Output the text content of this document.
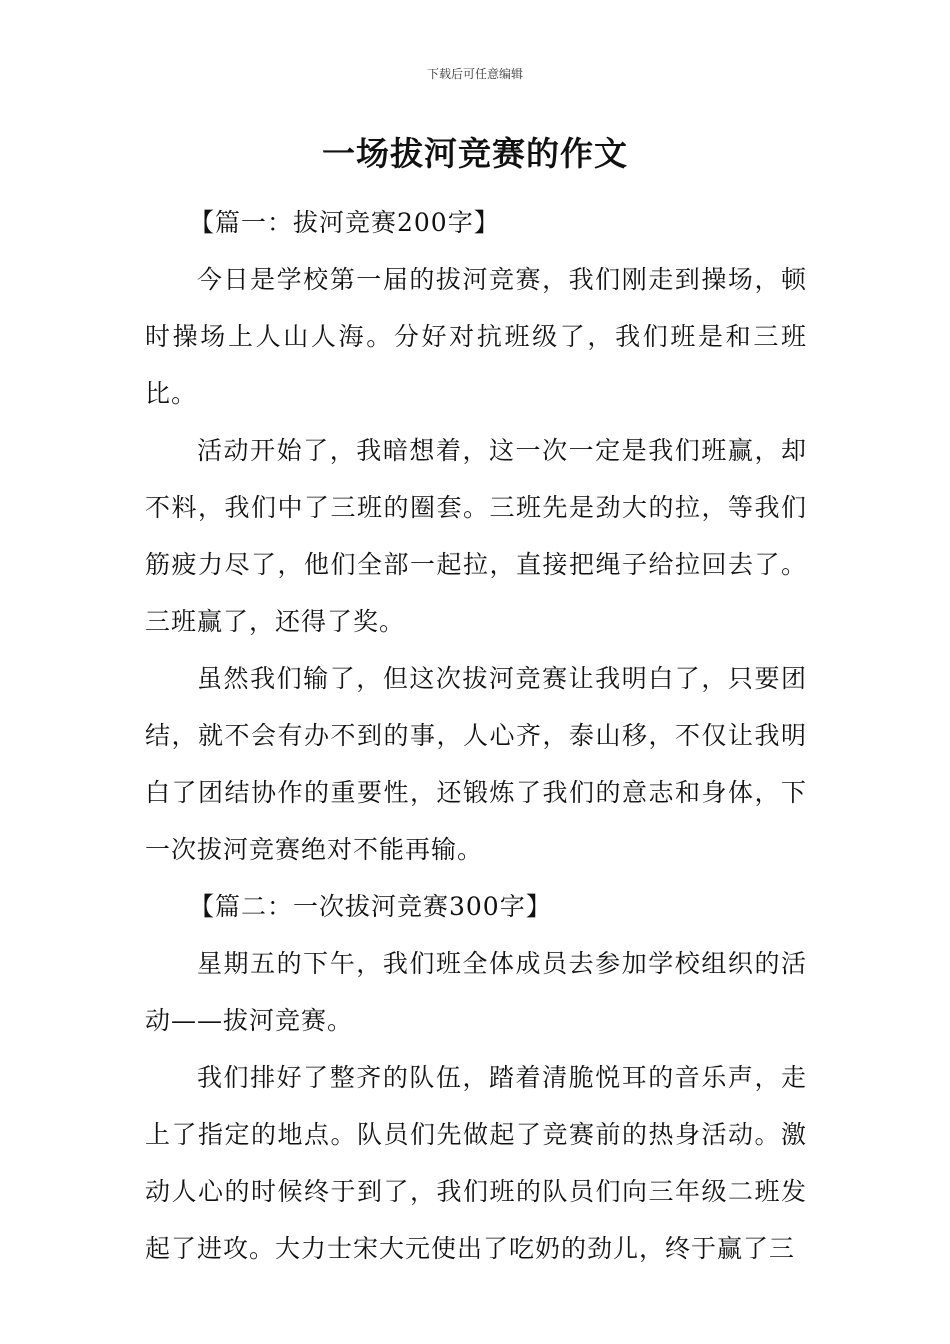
下载后可任意编辑
一场拔河竞赛的作文

【篇一：拔河竞赛200字】

今日是学校第一届的拔河竞赛，我们刚走到操场，顿时操场上人山人海。分好对抗班级了，我们班是和三班比。

活动开始了，我暗想着，这一次一定是我们班赢，却不料，我们中了三班的圈套。三班先是劲大的拉，等我们筋疲力尽了，他们全部一起拉，直接把绳子给拉回去了。三班赢了，还得了奖。

虽然我们输了，但这次拔河竞赛让我明白了，只要团结，就不会有办不到的事，人心齐，泰山移，不仅让我明白了团结协作的重要性，还锻炼了我们的意志和身体，下一次拔河竞赛绝对不能再输。

【篇二：一次拔河竞赛300字】

星期五的下午，我们班全体成员去参加学校组织的活动——拔河竞赛。

我们排好了整齐的队伍，踏着清脆悦耳的音乐声，走上了指定的地点。队员们先做起了竞赛前的热身活动。激动人心的时候终于到了，我们班的队员们向三年级二班发起了进攻。大力士宋大元使出了吃奶的劲儿，终于赢了三
